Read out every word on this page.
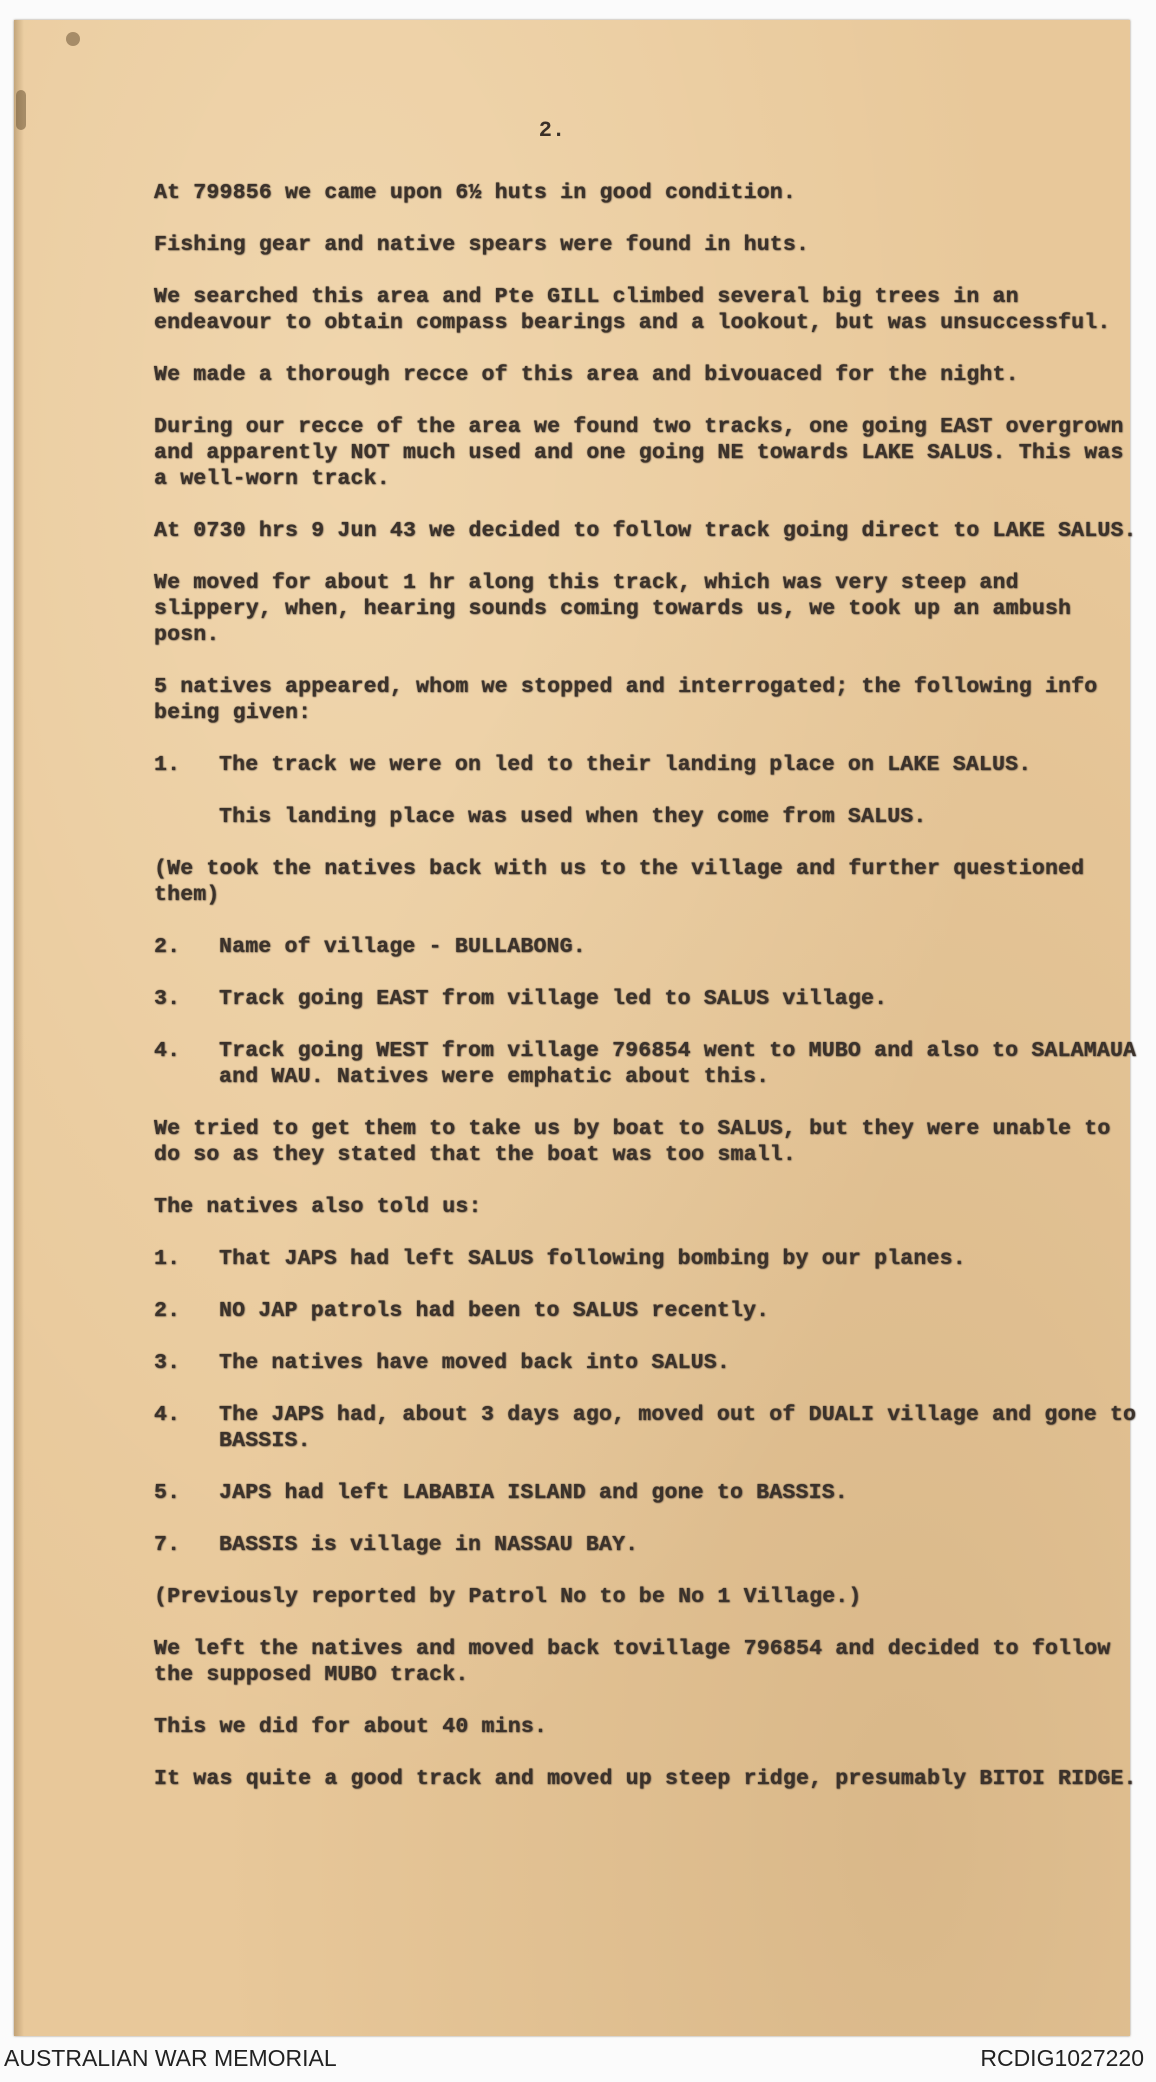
2.
At 799856 we came upon 6½ huts in good condition.
Fishing gear and native spears were found in huts.
We searched this area and Pte GILL climbed several big trees in an endeavour to obtain compass bearings and a lookout, but was unsuccessful.
We made a thorough recce of this area and bivouaced for the night.
During our recce of the area we found two tracks, one going EAST overgrown and apparently NOT much used and one going NE towards LAKE SALUS. This was a well-worn track.
At 0730 hrs 9 Jun 43 we decided to follow track going direct to LAKE SALUS.
We moved for about 1 hr along this track, which was very steep and slippery, when, hearing sounds coming towards us, we took up an ambush posn.
5 natives appeared, whom we stopped and interrogated; the following info being given:
1.	The track we were on led to their landing place on LAKE SALUS.
This landing place was used when they come from SALUS.
(We took the natives back with us to the village and further questioned them)
2.	Name of village - BULLABONG.
3.	Track going EAST from village led to SALUS village.
4.	Track going WEST from village 796854 went to MUBO and also to SALAMAUA and WAU. Natives were emphatic about this.
We tried to get them to take us by boat to SALUS, but they were unable to do so as they stated that the boat was too small.
The natives also told us:
1.	That JAPS had left SALUS following bombing by our planes.
2.	NO JAP patrols had been to SALUS recently.
3.	The natives have moved back into SALUS.
4.	The JAPS had, about 3 days ago, moved out of DUALI village and gone to BASSIS.
5.	JAPS had left LABABIA ISLAND and gone to BASSIS.
7.	BASSIS is village in NASSAU BAY.
(Previously reported by Patrol No to be No 1 Village.)
We left the natives and moved back tovillage 796854 and decided to follow the supposed MUBO track.
This we did for about 40 mins.
It was quite a good track and moved up steep ridge, presumably BITOI RIDGE.
AUSTRALIAN WAR MEMORIAL	RCDIG1027220
